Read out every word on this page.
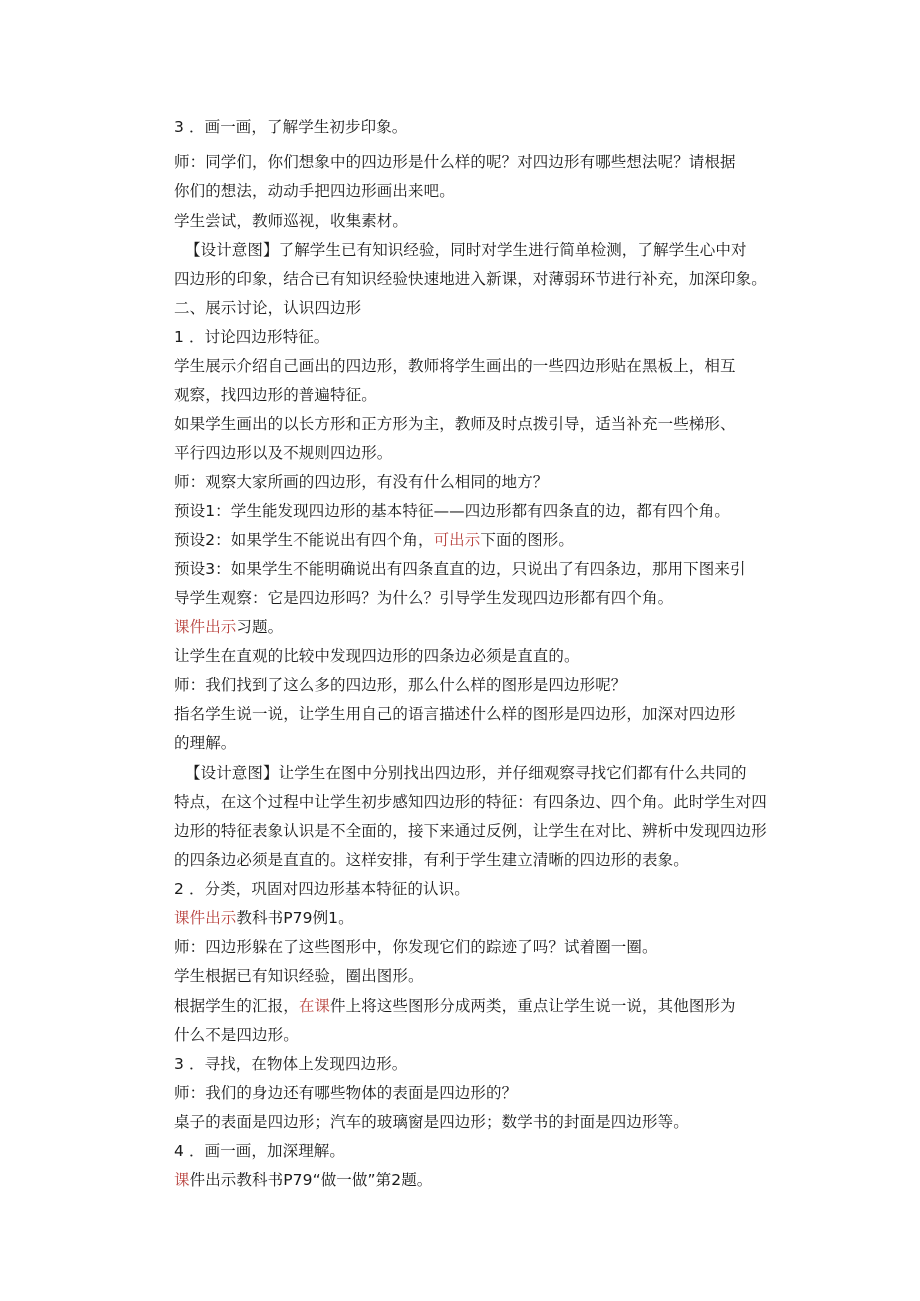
3 ．画一画，了解学生初步印象。
师：同学们，你们想象中的四边形是什么样的呢？对四边形有哪些想法呢？请根据
你们的想法，动动手把四边形画出来吧。
学生尝试，教师巡视，收集素材。
【设计意图】了解学生已有知识经验，同时对学生进行简单检测，了解学生心中对
四边形的印象，结合已有知识经验快速地进入新课，对薄弱环节进行补充，加深印象。
二、展示讨论，认识四边形
1 ．讨论四边形特征。
学生展示介绍自己画出的四边形，教师将学生画出的一些四边形贴在黑板上，相互
观察，找四边形的普遍特征。
如果学生画出的以长方形和正方形为主，教师及时点拨引导，适当补充一些梯形、
平行四边形以及不规则四边形。
师：观察大家所画的四边形，有没有什么相同的地方？
预设1：学生能发现四边形的基本特征——四边形都有四条直的边，都有四个角。
预设2：如果学生不能说出有四个角，可出示下面的图形。
预设3：如果学生不能明确说出有四条直直的边，只说出了有四条边，那用下图来引
导学生观察：它是四边形吗？为什么？引导学生发现四边形都有四个角。
课件出示习题。
让学生在直观的比较中发现四边形的四条边必须是直直的。
师：我们找到了这么多的四边形，那么什么样的图形是四边形呢？
指名学生说一说，让学生用自己的语言描述什么样的图形是四边形，加深对四边形
的理解。
【设计意图】让学生在图中分别找出四边形，并仔细观察寻找它们都有什么共同的
特点，在这个过程中让学生初步感知四边形的特征：有四条边、四个角。此时学生对四
边形的特征表象认识是不全面的，接下来通过反例，让学生在对比、辨析中发现四边形
的四条边必须是直直的。这样安排，有利于学生建立清晰的四边形的表象。
2 ．分类，巩固对四边形基本特征的认识。
课件出示教科书P79例1。
师：四边形躲在了这些图形中，你发现它们的踪迹了吗？试着圈一圈。
学生根据已有知识经验，圈出图形。
根据学生的汇报，在课件上将这些图形分成两类，重点让学生说一说，其他图形为
什么不是四边形。
3 ．寻找，在物体上发现四边形。
师：我们的身边还有哪些物体的表面是四边形的？
桌子的表面是四边形；汽车的玻璃窗是四边形；数学书的封面是四边形等。
4 ．画一画，加深理解。
课件出示教科书P79“做一做”第2题。
